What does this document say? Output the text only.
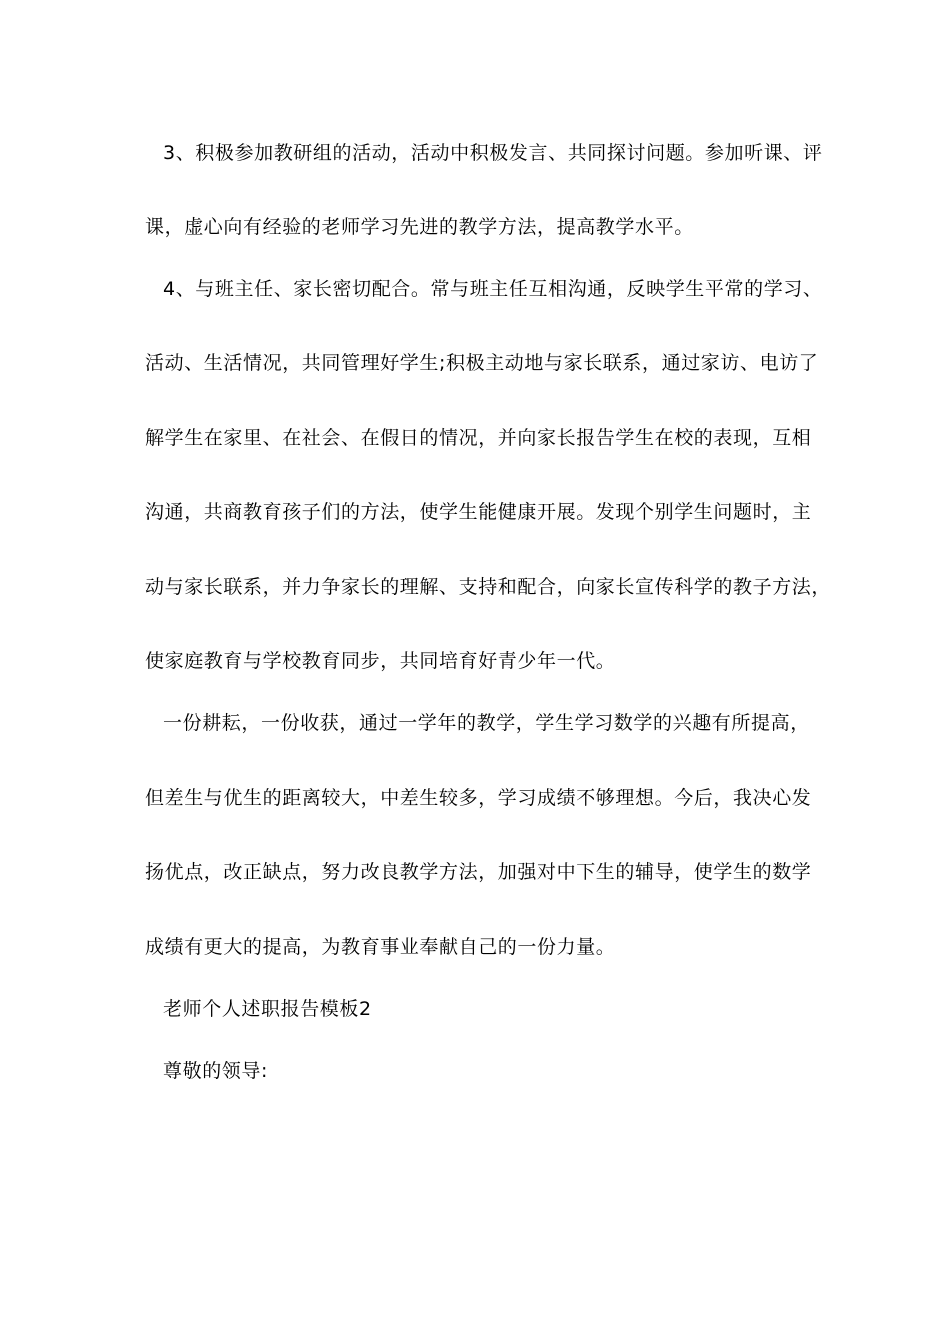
3、积极参加教研组的活动，活动中积极发言、共同探讨问题。参加听课、评
课，虚心向有经验的老师学习先进的教学方法，提高教学水平。
4、与班主任、家长密切配合。常与班主任互相沟通，反映学生平常的学习、
活动、生活情况，共同管理好学生;积极主动地与家长联系，通过家访、电访了
解学生在家里、在社会、在假日的情况，并向家长报告学生在校的表现，互相
沟通，共商教育孩子们的方法，使学生能健康开展。发现个别学生问题时，主
动与家长联系，并力争家长的理解、支持和配合，向家长宣传科学的教子方法，
使家庭教育与学校教育同步，共同培育好青少年一代。
一份耕耘，一份收获，通过一学年的教学，学生学习数学的兴趣有所提高，
但差生与优生的距离较大，中差生较多，学习成绩不够理想。今后，我决心发
扬优点，改正缺点，努力改良教学方法，加强对中下生的辅导，使学生的数学
成绩有更大的提高，为教育事业奉献自己的一份力量。
老师个人述职报告模板2
尊敬的领导:
